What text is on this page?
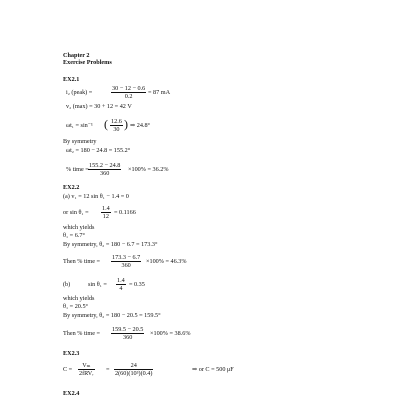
Chapter 2
Exercise Problems
EX2.1
i₂ (peak) =	$\frac{30 - 12 - 0.6}{0.2} = 87$ mA
v₂ (max) = 30 + 12 = 42 V
ωt₁ = sin⁻¹ ( $\frac{12.6}{30}$ ) ⇒ 24.8°
By symmetry
ωt₂ = 180 − 24.8 = 155.2°
% time = $\frac{155.2 - 24.8}{360} \times 100\% = 36.2\%$
EX2.2
(a) v₁ = 12 sin θ₁ − 1.4 = 0
or $\sin \theta_1 = \frac{1.4}{12} = 0.1166$
which yields
θ₁ = 6.7°
By symmetry, θ₂ = 180 − 6.7 = 173.3°
Then % time = $\frac{173.3 - 6.7}{360} \times 100\% = 46.3\%$
(b)	$\sin \theta_1 = \frac{1.4}{4} = 0.35$
which yields
θ₁ = 20.5°
By symmetry, θ₂ = 180 − 20.5 = 159.5°
Then % time = $\frac{159.5 - 20.5}{360} \times 100\% = 38.6\%$
EX2.3
C =
Vₘ
2fRVᵣ
= $\frac{24}{\text{2(60)(10³)(0.4)}}$	⇒ or C = 500 μF
EX2.4
